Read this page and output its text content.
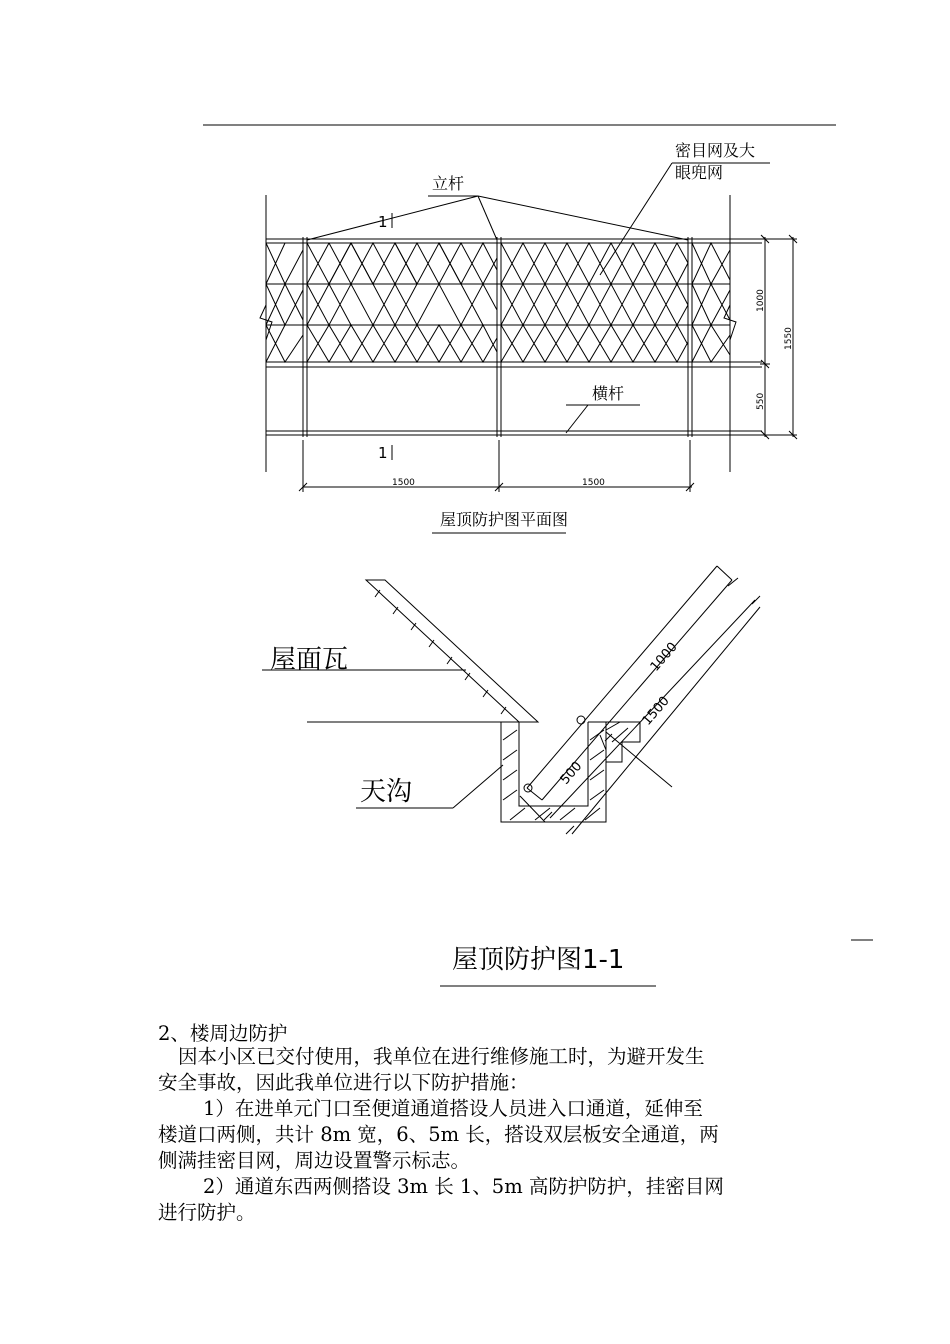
密目网及大
眼兜网
立杆
横杆
1
1
1000
1550
550
1500	1500
屋顶防护图平面图
屋面瓦
天沟
1000
1500
500
屋顶防护图1-1
2、楼周边防护

因本小区已交付使用，我单位在进行维修施工时，为避开发生

安全事故，因此我单位进行以下防护措施：

1）在进单元门口至便道通道搭设人员进入口通道，延伸至

楼道口两侧，共计 8m 宽，6、5m 长，搭设双层板安全通道，两

侧满挂密目网，周边设置警示标志。

2）通道东西两侧搭设 3m 长 1、5m 高防护防护，挂密目网

进行防护。
